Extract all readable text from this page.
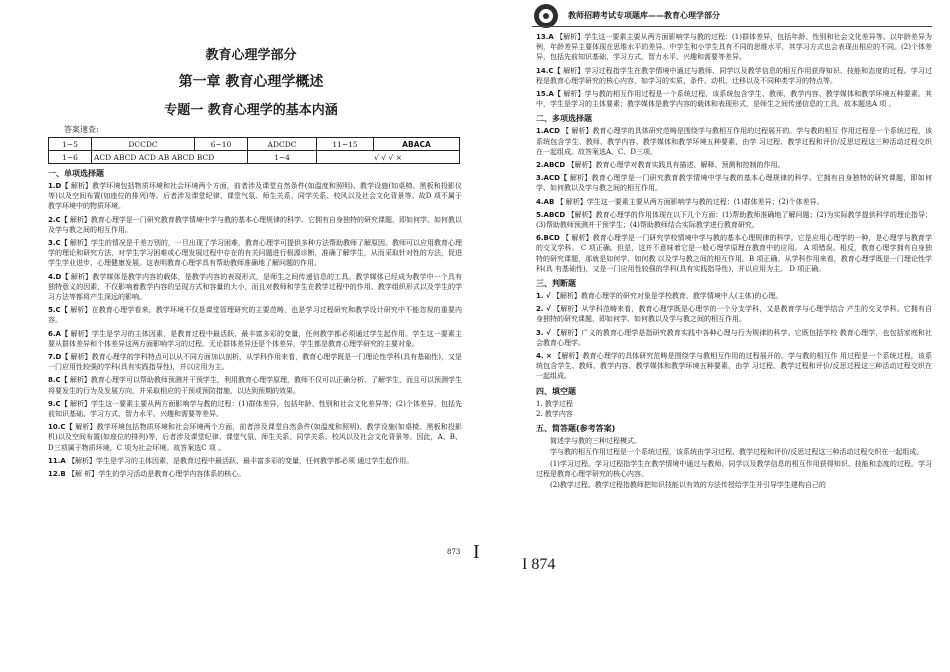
教育心理学部分
第一章 教育心理学概述
专题一 教育心理学的基本内涵
答案速查:
1~5	DCCDC	6~10	ADCDC	11~15	ABACA
1~6	ACD ABCD ACD AB ABCD BCD		1~4	√ √ √ ×	
一、单项选择题
1.D【 解析】教学环境包括物质环境和社会环境两个方面，前者涉及课堂自然条件(如温度和照明)、教学设施(如桌椅、黑板和投影仪等)以及空间布置(如座位的排列)等。后者涉及课堂纪律、课堂气氛、师生关系、同学关系、校风以及社会文化背景等。故D 项不属于教学环境中的物质环境。
2.C【 解析】教育心理学是一门研究教育教学情境中学与教的基本心理规律的科学。它拥有自身独特的研究课题，即如何学、如何教以及学与教之间的相互作用。
3.C【 解析】学生的情况是千差万别的，一旦出现了学习困难，教育心理学可提供多种方法帮助教师了解原因。教师可以应用教育心理学的理论和研究方法，对学生学习困难或心理发展过程中存在的有关问题进行根源诊断，准确了解学生，从而采取针对性的方法，促进学生学业进步、心理健康发展。这表明教育心理学具有帮助教师准确地了解问题的作用。
4.D【 解析】教学媒体是教学内容的载体，是教学内容的表现形式，是师生之间传递信息的工具。教学媒体已经成为教学中一个具有独特意义的因素，不仅影响着教学内容的呈现方式和容量的大小，而且对教师和学生在教学过程中的作用、教学组织形式以及学生的学习方法等都将产生深远的影响。
5.C【 解析】在教育心理学看来，教学环境不仅是课堂管理研究的主要范畴，也是学习过程研究和教学设计研究中不能忽视的重要内容。
6.A【 解析】学生是学习的主体因素，是教育过程中最活跃、最丰富多彩的变量，任何教学都必须通过学生起作用。学生这一要素主要从群体差异和个体差异这两方面影响学习的过程。无论群体差异还是个体差异，学生都是教育心理学研究的主要对象。
7.D【 解析】教育心理学的学科特点可以从不同方面加以剖析，从学科作用来看，教育心理学既是一门理论性学科(具有基础性)，又是一门应用性较强的学科(具有实践指导性)，并以应用为主。
8.C【 解析】教育心理学可以帮助教师预测并干预学生，利用教育心理学原理，教师不仅可以正确分析、了解学生，而且可以预测学生将要发生的行为及发展方向，并采取相应的干预或预防措施，以达到预期的效果。
9.C【 解析】学生这一要素主要从两方面影响学与教的过程：(1)群体差异，包括年龄、性别和社会文化差异等；(2)个体差异，包括先前知识基础、学习方式、智力水平、兴趣和需要等差异。
10.C【 解析】教学环境包括物质环境和社会环境两个方面，前者涉及课堂自然条件(如温度和照明)、教学设施(如桌椅、黑板和投影机)以及空间布置(如座位的排列)等，后者涉及课堂纪律、课堂气氛、师生关系、同学关系、校风以及社会文化背景等。因此，A、B、D三项属于物质环境，C 项为社会环境。故答案选C 项 。
11.A 【解析】学生是学习的主体因素，是教育过程中最活跃、最丰富多彩的变量，任何教学都必须 通过学生起作用。
12.B 【解 析】学生的学习活动是教育心理学内容体系的核心。
873 I
教师招聘考试专项题库——教育心理学部分
13.A 【解析】学生这一要素主要从两方面影响学与教的过程：(1)群体差异，包括年龄、性别和社会文化差异等。以年龄差异为例，年龄差异主要体现在思维水平的差异。中学生和小学生具有不同的思维水平，其学习方式也会表现出相应的不同。(2)个体差异，包括先前知识基础、学习方式、智力水平、兴趣和需要等差异。
14.C【 解析】学习过程指学生在教学情境中通过与教师、同学以及教学信息的相互作用获得知识、技能和态度的过程。学习过程是教育心理学研究的核心内容，如学习的实质、条件、动机、迁移以及不同种类学习的特点等。
15.A【 解析】学与教的相互作用过程是一个系统过程，该系统包含学生、教师、教学内容、教学媒体和教学环境五种要素。其中，学生是学习的主体要素；教学媒体是教学内容的载体和表现形式，是师生之间传递信息的工具。故本题选A 项 。
二、多项选择题
1.ACD 【 解析】教育心理学的具体研究范畴是围绕学与教相互作用的过程展开的。学与教的相互 作用过程是一个系统过程，该系统包含学生、教师、教学内容、教学媒体和教学环境五种要素，由学 习过程、教学过程和评价/反思过程这三种活动过程交织在一起组成。故答案选A、C、D三项。
2.ABCD 【解析】教育心理学对教育实践具有描述、解释、预测和控制的作用。
3.ACD【 解析】教育心理学是一门研究教育教学情境中学与教的基本心理规律的科学。它拥有自身独特的研究课题，即如何学、如何教以及学与教之间的相互作用。
4.AB 【 解析】学生这一要素主要从两方面影响学与教的过程：(1)群体差异；(2)个体差异。
5.ABCD 【解析】教育心理学的作用体现在以下几个方面：(1)帮助教师准确地了解问题；(2)为实际教学提供科学的理论指导；(3)帮助教师预测并干预学生；(4)帮助教师结合实际教学进行教育研究。
6.BCD 【 解析】教育心理学是一门研究学校情境中学与教的基本心理规律的科学。它是应用心理学的一种，是心理学与教育学的交叉学科。 C 项正确。但是，这并不意味着它是一般心理学原理在教育中的应用。 A 项错误。相反，教育心理学拥有自身独特的研究课题，那就是如何学、如何教 以及学与教之间的相互作用。B 项正确。从学科作用来看，教育心理学既是一门理论性学科(具 有基础性)，又是一门应用性较强的学科(具有实践指导性)，并以应用为主。 D 项正确。
三、判断题
1. √ 【解析】教育心理学的研究对象是学校教育、教学情境中人(主体)的心理。
2. √ 【解析】从学科范畴来看，教育心理学既是心理学的一个分支学科，又是教育学与心理学结合 产生的交叉学科。它拥有自身独特的研究课题，即如何学、如何教以及学与教之间的相互作用。
3. √ 【解析】广义的教育心理学是指研究教育实践中各种心理与行为规律的科学。它既包括学校 教育心理学，也包括家庭和社会教育心理学。
4. × 【解析】教育心理学的具体研究范畴是围绕学与教相互作用的过程展开的。学与教的相互作 用过程是一个系统过程，该系统包含学生、教师、教学内容、教学媒体和教学环境五种要素，由学 习过程、教学过程和评价/反思过程这三种活动过程交织在一起组成。
四、填空题
1. 教学过程
2. 教学内容
五、简答题(参考答案)
简述学与教的三种过程模式。
学与教的相互作用过程是一个系统过程，该系统由学习过程、教学过程和评价/反思过程这三种活动过程交织在一起组成。
(1)学习过程。学习过程指学生在教学情境中通过与教师、同学以及教学信息的相互作用获得知识、技能和态度的过程。学习过程是教育心理学研究的核心内容。
(2)教学过程。教学过程指教师把知识技能以有效的方法传授给学生并引导学生建构自己的
I 874
